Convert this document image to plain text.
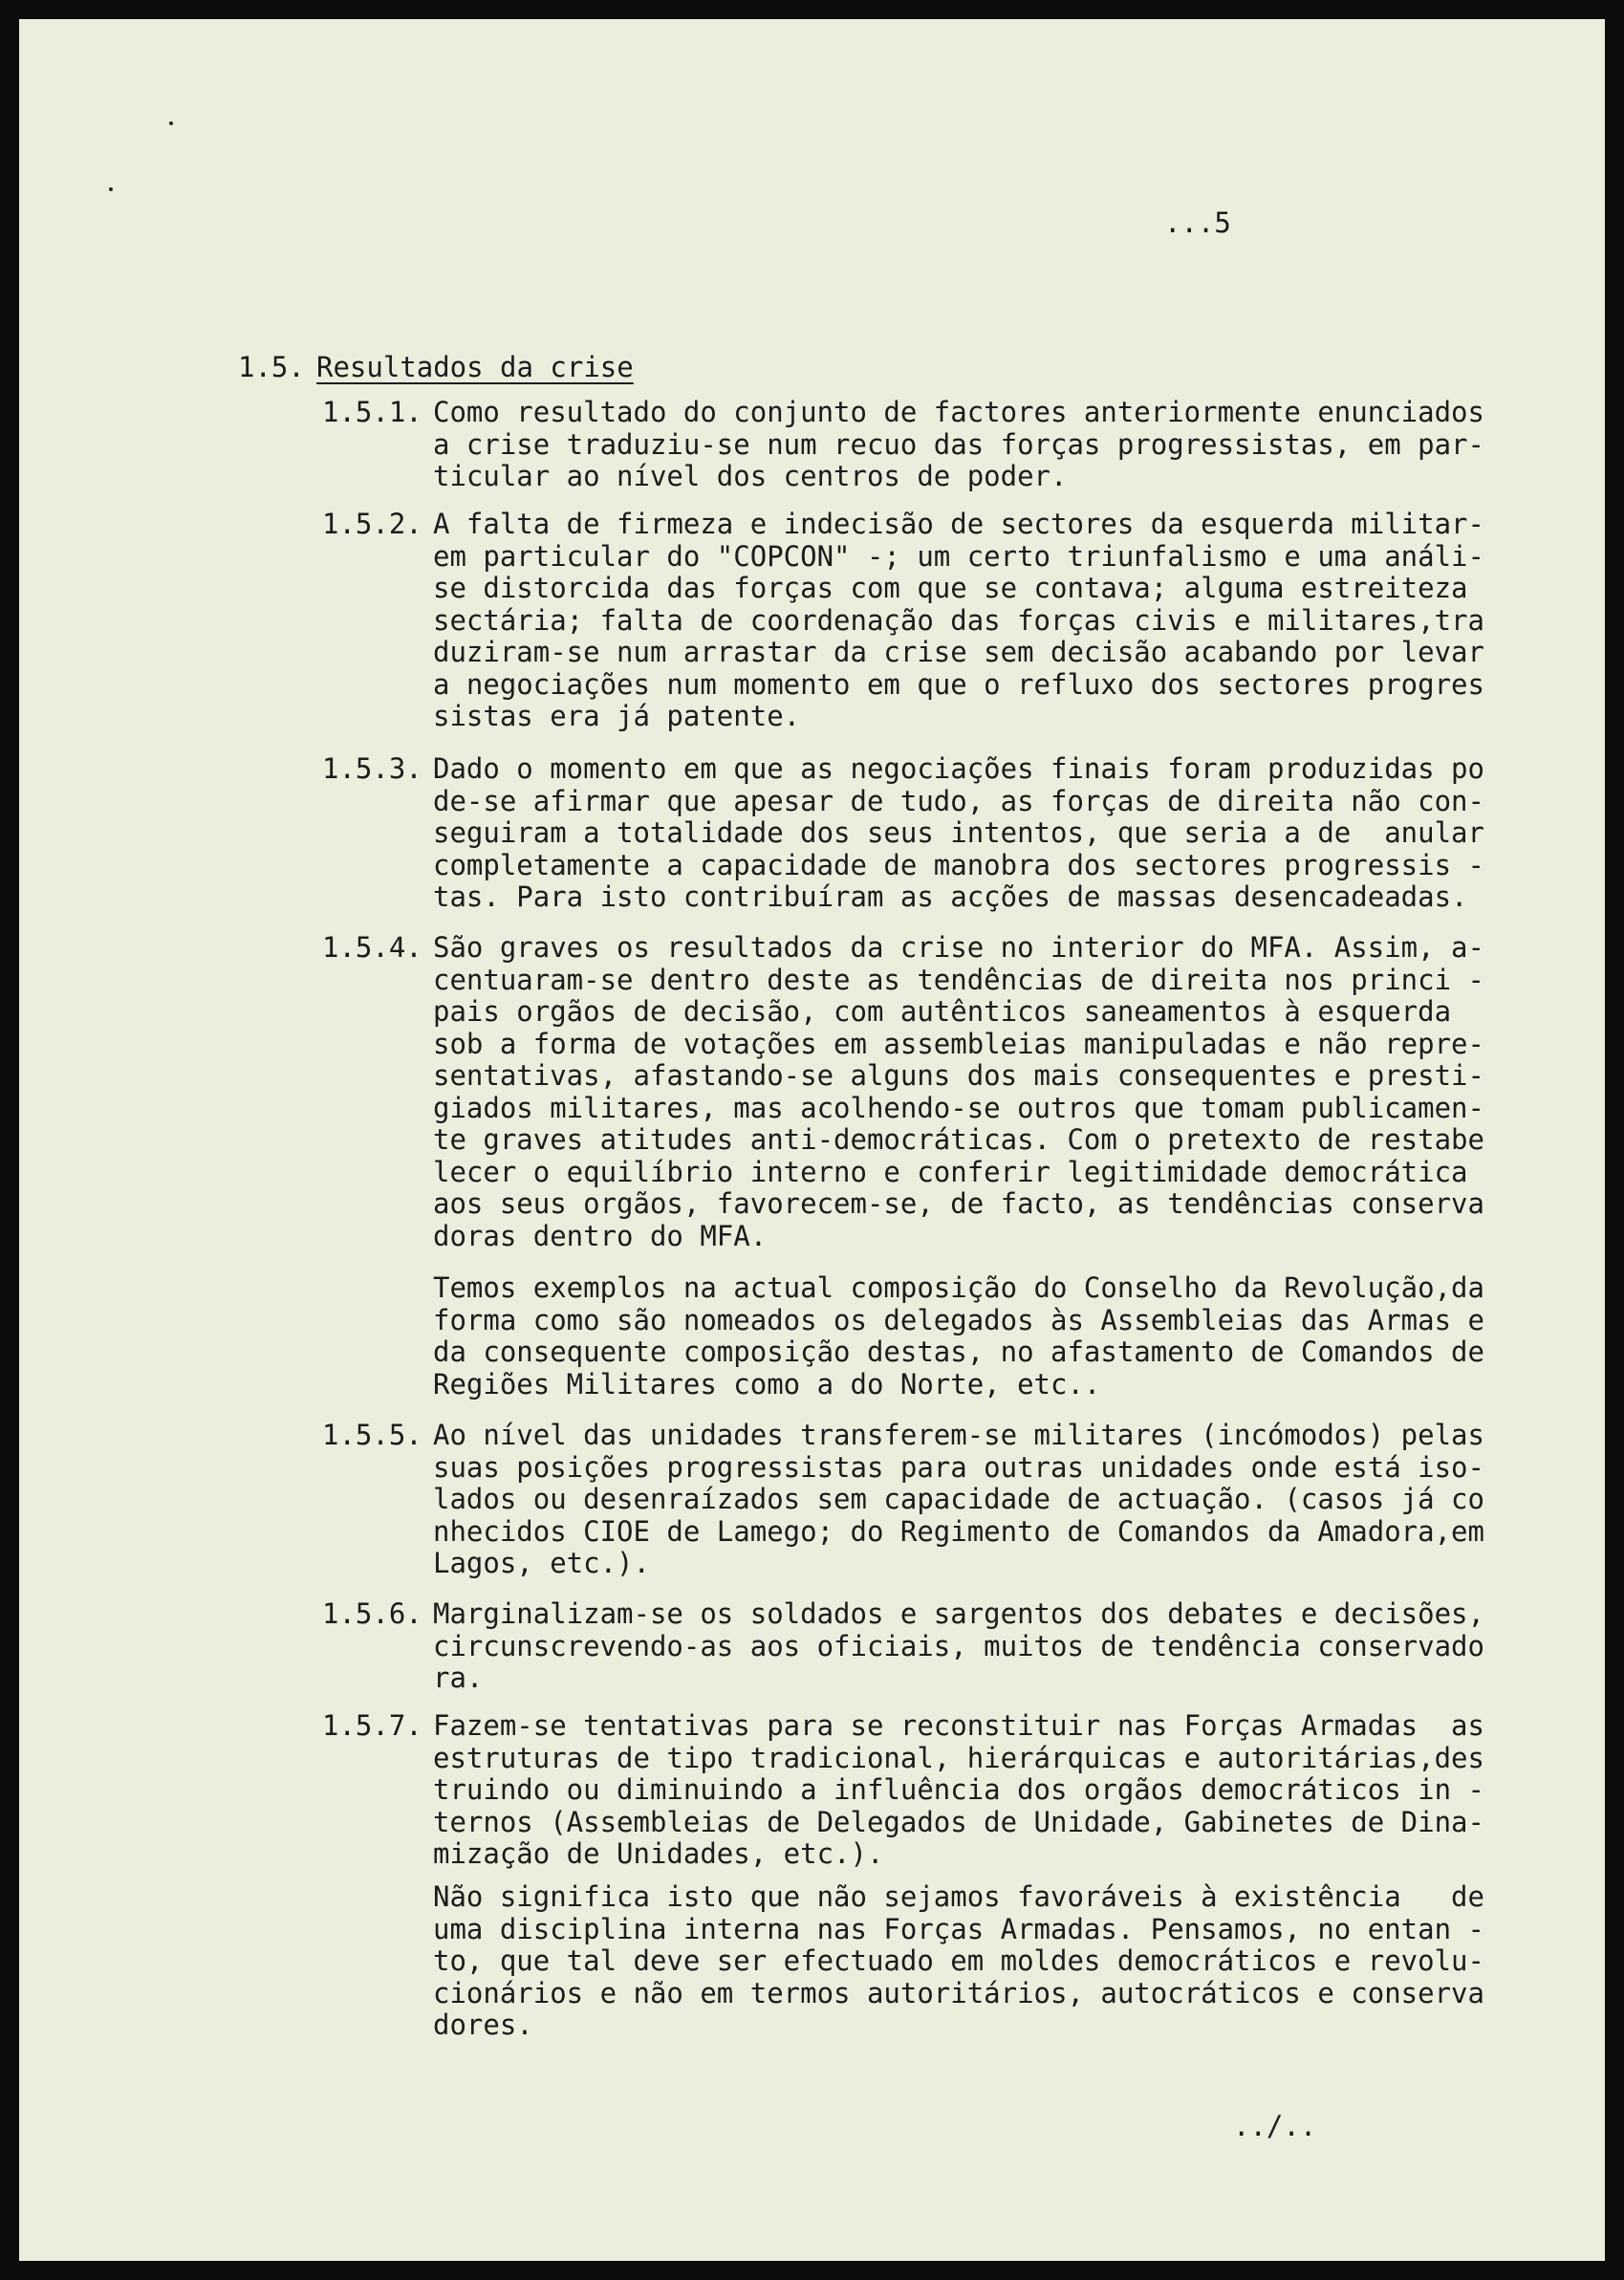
...5

1.5. Resultados da crise

1.5.1. Como resultado do conjunto de factores anteriormente enunciados
a crise traduziu-se num recuo das forças progressistas, em par-
ticular ao nível dos centros de poder.

1.5.2. A falta de firmeza e indecisão de sectores da esquerda militar-
em particular do "COPCON" -; um certo triunfalismo e uma análi-
se distorcida das forças com que se contava; alguma estreiteza
sectária; falta de coordenação das forças civis e militares,tra
duziram-se num arrastar da crise sem decisão acabando por levar
a negociações num momento em que o refluxo dos sectores progres
sistas era já patente.

1.5.3. Dado o momento em que as negociações finais foram produzidas po
de-se afirmar que apesar de tudo, as forças de direita não con-
seguiram a totalidade dos seus intentos, que seria a de  anular
completamente a capacidade de manobra dos sectores progressis -
tas. Para isto contribuíram as acções de massas desencadeadas.

1.5.4. São graves os resultados da crise no interior do MFA. Assim, a-
centuaram-se dentro deste as tendências de direita nos princi -
pais orgãos de decisão, com autênticos saneamentos à esquerda
sob a forma de votações em assembleias manipuladas e não repre-
sentativas, afastando-se alguns dos mais consequentes e presti-
giados militares, mas acolhendo-se outros que tomam publicamen-
te graves atitudes anti-democráticas. Com o pretexto de restabe
lecer o equilíbrio interno e conferir legitimidade democrática
aos seus orgãos, favorecem-se, de facto, as tendências conserva
doras dentro do MFA.
Temos exemplos na actual composição do Conselho da Revolução,da
forma como são nomeados os delegados às Assembleias das Armas e
da consequente composição destas, no afastamento de Comandos de
Regiões Militares como a do Norte, etc..

1.5.5. Ao nível das unidades transferem-se militares (incómodos) pelas
suas posições progressistas para outras unidades onde está iso-
lados ou desenraízados sem capacidade de actuação. (casos já co
nhecidos CIOE de Lamego; do Regimento de Comandos da Amadora,em
Lagos, etc.).

1.5.6. Marginalizam-se os soldados e sargentos dos debates e decisões,
circunscrevendo-as aos oficiais, muitos de tendência conservado
ra.

1.5.7. Fazem-se tentativas para se reconstituir nas Forças Armadas  as
estruturas de tipo tradicional, hierárquicas e autoritárias,des
truindo ou diminuindo a influência dos orgãos democráticos in -
ternos (Assembleias de Delegados de Unidade, Gabinetes de Dina-
mização de Unidades, etc.).
Não significa isto que não sejamos favoráveis à existência   de
uma disciplina interna nas Forças Armadas. Pensamos, no entan -
to, que tal deve ser efectuado em moldes democráticos e revolu-
cionários e não em termos autoritários, autocráticos e conserva
dores.

../..
